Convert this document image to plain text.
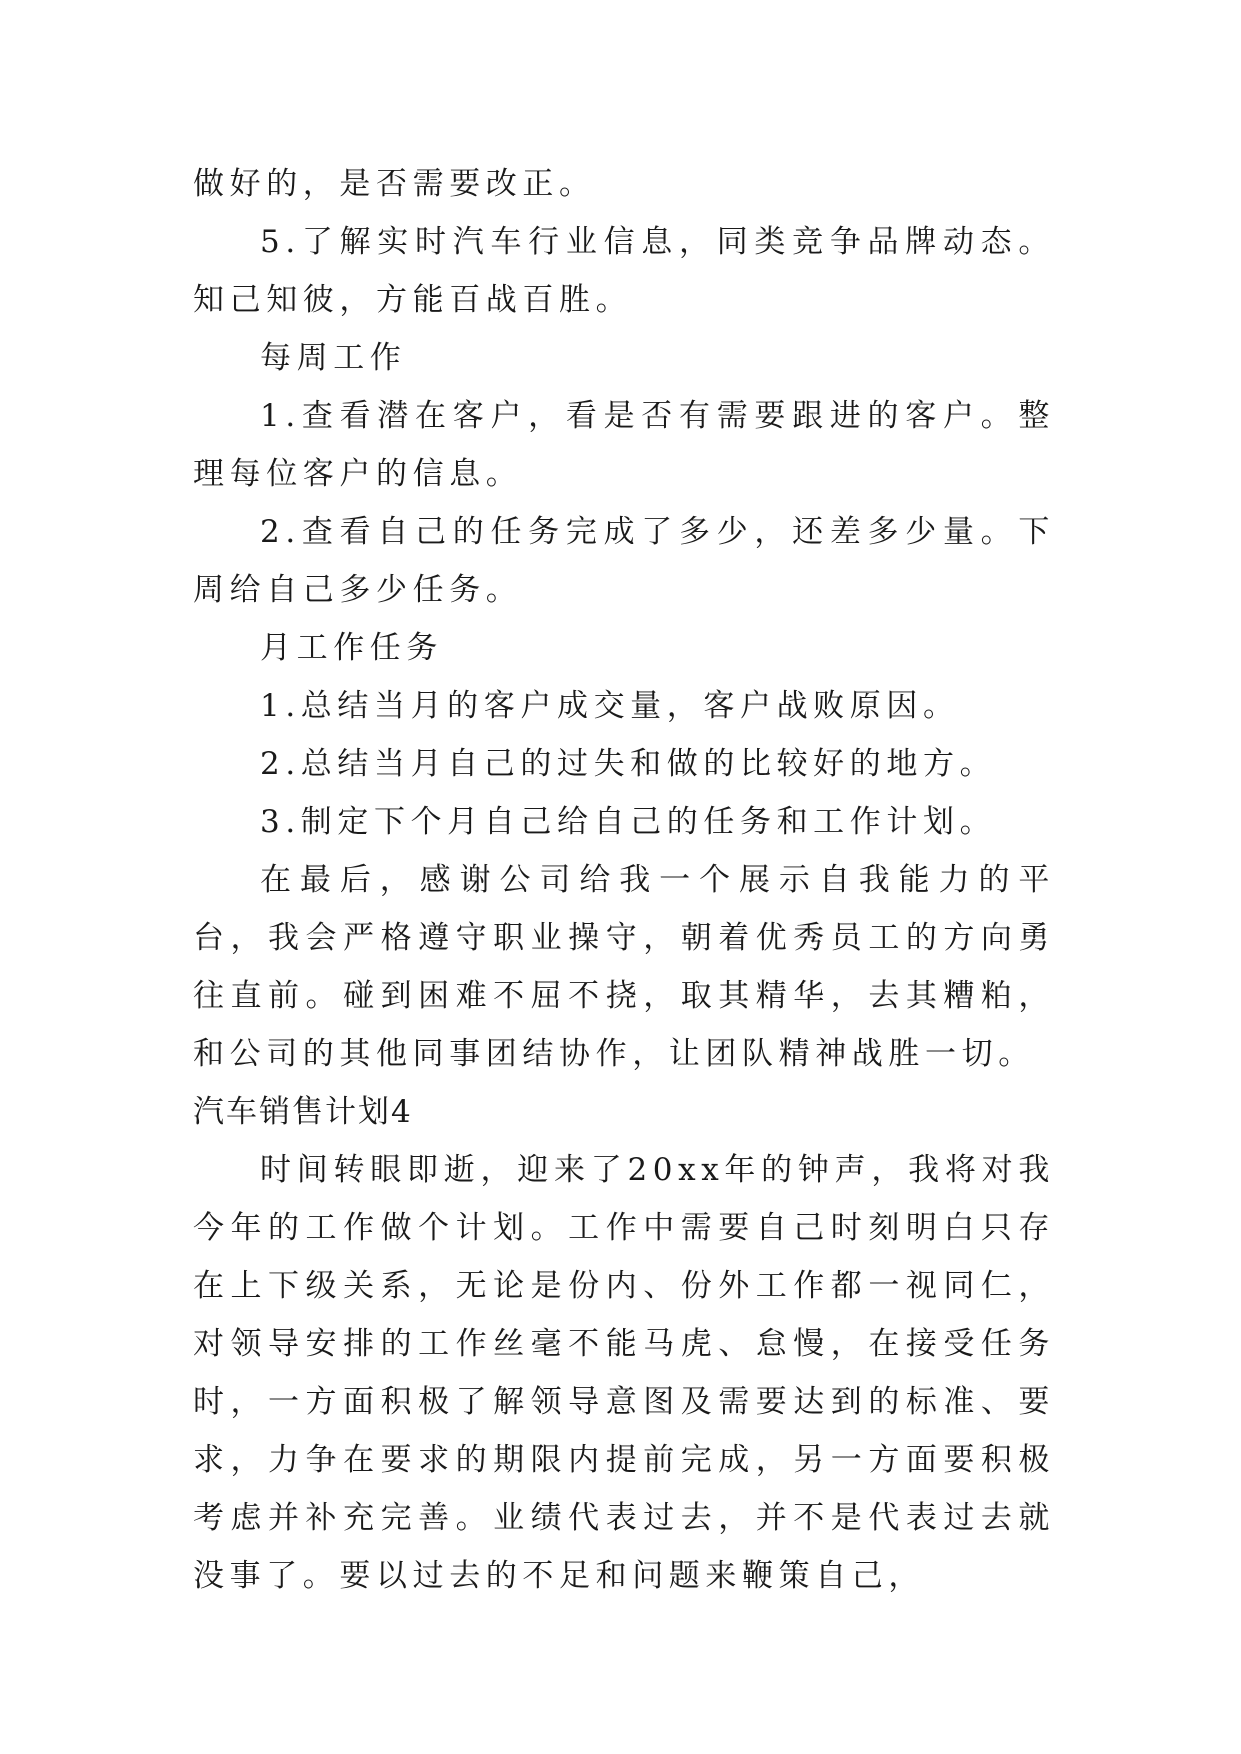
做好的，是否需要改正。

5.了解实时汽车行业信息，同类竞争品牌动态。知己知彼，方能百战百胜。

每周工作

1.查看潜在客户，看是否有需要跟进的客户。整理每位客户的信息。

2.查看自己的任务完成了多少，还差多少量。下周给自己多少任务。

月工作任务

1.总结当月的客户成交量，客户战败原因。

2.总结当月自己的过失和做的比较好的地方。

3.制定下个月自己给自己的任务和工作计划。

在最后，感谢公司给我一个展示自我能力的平台，我会严格遵守职业操守，朝着优秀员工的方向勇往直前。碰到困难不屈不挠，取其精华，去其糟粕，和公司的其他同事团结协作，让团队精神战胜一切。

汽车销售计划4

时间转眼即逝，迎来了20xx年的钟声，我将对我今年的工作做个计划。工作中需要自己时刻明白只存在上下级关系，无论是份内、份外工作都一视同仁，对领导安排的工作丝毫不能马虎、怠慢，在接受任务时，一方面积极了解领导意图及需要达到的标准、要求，力争在要求的期限内提前完成，另一方面要积极考虑并补充完善。业绩代表过去，并不是代表过去就没事了。要以过去的不足和问题来鞭策自己，
